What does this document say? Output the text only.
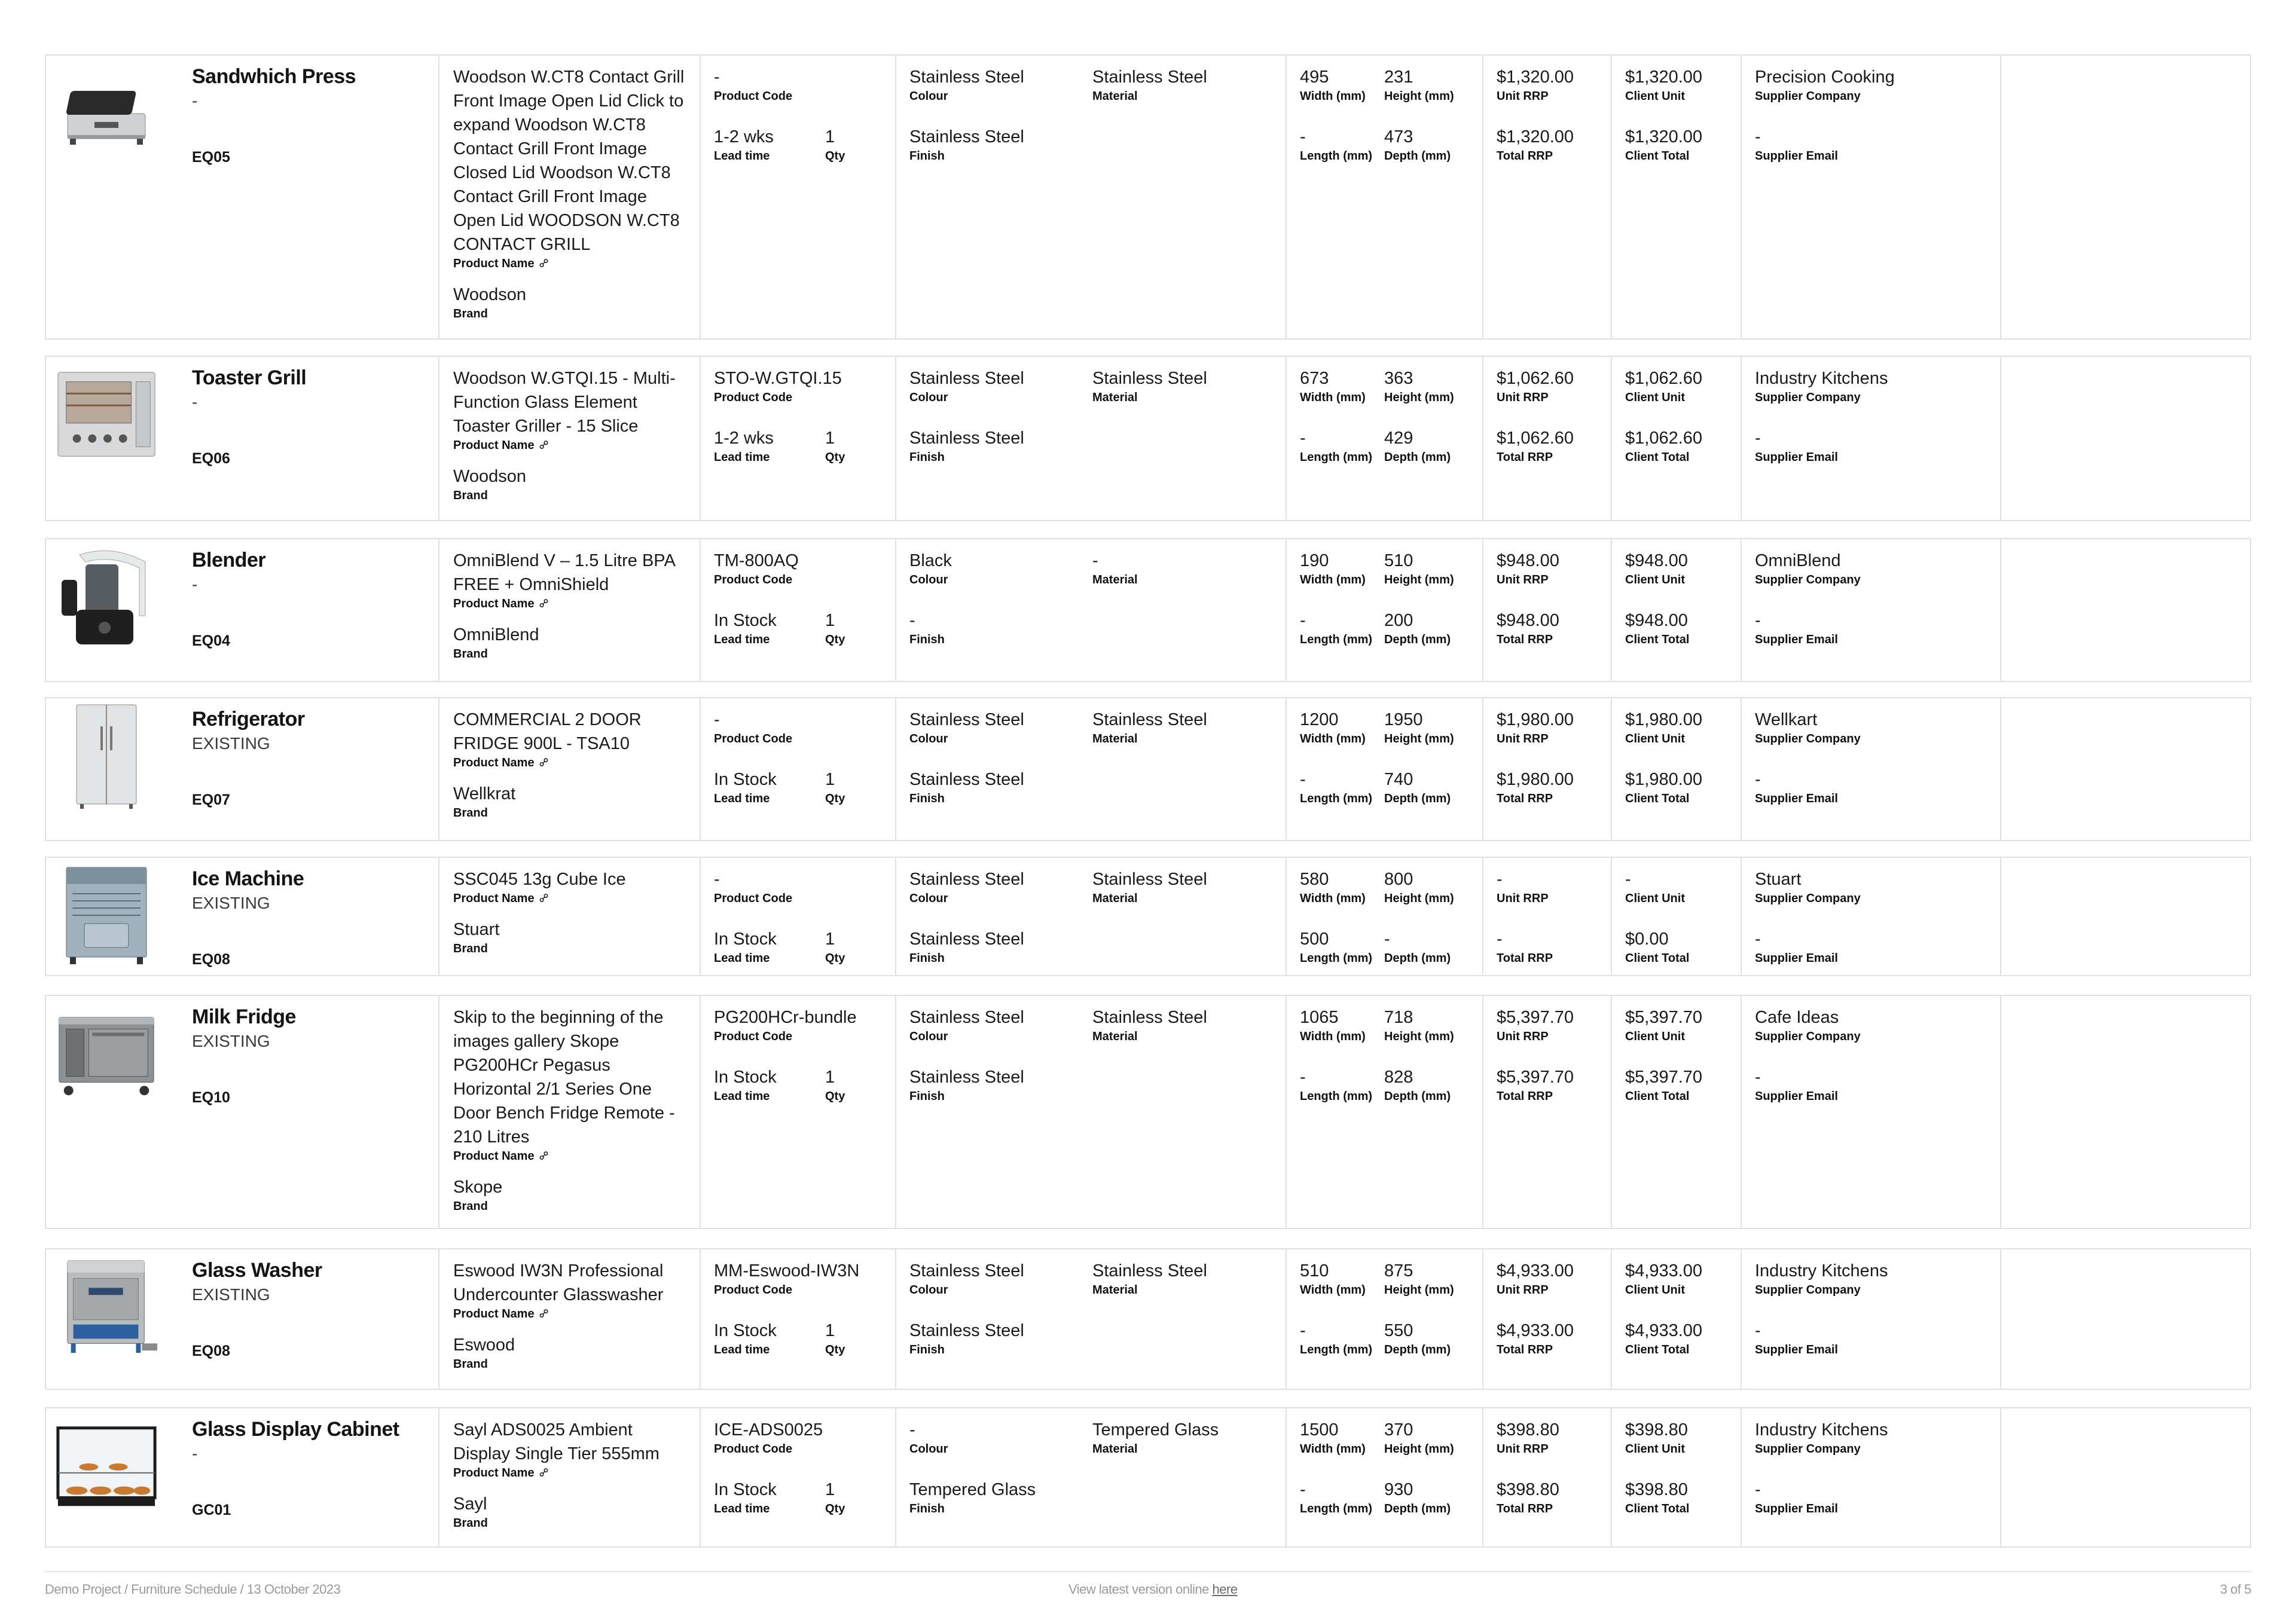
Sandwhich Press
-
EQ05
Woodson W.CT8 Contact Grill Front Image Open Lid Click to expand Woodson W.CT8 Contact Grill Front Image Closed Lid Woodson W.CT8 Contact Grill Front Image Open Lid WOODSON W.CT8 CONTACT GRILL
Product Name ⚯
Woodson
Brand
-
Product Code
1-2 wks
Lead time
1
Qty
Stainless Steel
Colour
Stainless Steel
Material
Stainless Steel
Finish
495
Width (mm)
231
Height (mm)
-
Length (mm)
473
Depth (mm)
$1,320.00
Unit RRP
$1,320.00
Total RRP
$1,320.00
Client Unit
$1,320.00
Client Total
Precision Cooking
Supplier Company
-
Supplier Email
Toaster Grill
-
EQ06
Woodson W.GTQI.15 - Multi-Function Glass Element Toaster Griller - 15 Slice
Product Name ⚯
Woodson
Brand
STO-W.GTQI.15
Product Code
1-2 wks
Lead time
1
Qty
Stainless Steel
Colour
Stainless Steel
Material
Stainless Steel
Finish
673
Width (mm)
363
Height (mm)
-
Length (mm)
429
Depth (mm)
$1,062.60
Unit RRP
$1,062.60
Total RRP
$1,062.60
Client Unit
$1,062.60
Client Total
Industry Kitchens
Supplier Company
-
Supplier Email
Blender
-
EQ04
OmniBlend V – 1.5 Litre BPA FREE + OmniShield
Product Name ⚯
OmniBlend
Brand
TM-800AQ
Product Code
In Stock
Lead time
1
Qty
Black
Colour
-
Material
-
Finish
190
Width (mm)
510
Height (mm)
-
Length (mm)
200
Depth (mm)
$948.00
Unit RRP
$948.00
Total RRP
$948.00
Client Unit
$948.00
Client Total
OmniBlend
Supplier Company
-
Supplier Email
Refrigerator
EXISTING
EQ07
COMMERCIAL 2 DOOR FRIDGE 900L - TSA10
Product Name ⚯
Wellkrat
Brand
-
Product Code
In Stock
Lead time
1
Qty
Stainless Steel
Colour
Stainless Steel
Material
Stainless Steel
Finish
1200
Width (mm)
1950
Height (mm)
-
Length (mm)
740
Depth (mm)
$1,980.00
Unit RRP
$1,980.00
Total RRP
$1,980.00
Client Unit
$1,980.00
Client Total
Wellkart
Supplier Company
-
Supplier Email
Ice Machine
EXISTING
EQ08
SSC045 13g Cube Ice
Product Name ⚯
Stuart
Brand
-
Product Code
In Stock
Lead time
1
Qty
Stainless Steel
Colour
Stainless Steel
Material
Stainless Steel
Finish
580
Width (mm)
800
Height (mm)
500
Length (mm)
-
Depth (mm)
-
Unit RRP
-
Total RRP
-
Client Unit
$0.00
Client Total
Stuart
Supplier Company
-
Supplier Email
Milk Fridge
EXISTING
EQ10
Skip to the beginning of the images gallery Skope PG200HCr Pegasus Horizontal 2/1 Series One Door Bench Fridge Remote - 210 Litres
Product Name ⚯
Skope
Brand
PG200HCr-bundle
Product Code
In Stock
Lead time
1
Qty
Stainless Steel
Colour
Stainless Steel
Material
Stainless Steel
Finish
1065
Width (mm)
718
Height (mm)
-
Length (mm)
828
Depth (mm)
$5,397.70
Unit RRP
$5,397.70
Total RRP
$5,397.70
Client Unit
$5,397.70
Client Total
Cafe Ideas
Supplier Company
-
Supplier Email
Glass Washer
EXISTING
EQ08
Eswood IW3N Professional Undercounter Glasswasher
Product Name ⚯
Eswood
Brand
MM-Eswood-IW3N
Product Code
In Stock
Lead time
1
Qty
Stainless Steel
Colour
Stainless Steel
Material
Stainless Steel
Finish
510
Width (mm)
875
Height (mm)
-
Length (mm)
550
Depth (mm)
$4,933.00
Unit RRP
$4,933.00
Total RRP
$4,933.00
Client Unit
$4,933.00
Client Total
Industry Kitchens
Supplier Company
-
Supplier Email
Glass Display Cabinet
-
GC01
Sayl ADS0025 Ambient Display Single Tier 555mm
Product Name ⚯
Sayl
Brand
ICE-ADS0025
Product Code
In Stock
Lead time
1
Qty
-
Colour
Tempered Glass
Material
Tempered Glass
Finish
1500
Width (mm)
370
Height (mm)
-
Length (mm)
930
Depth (mm)
$398.80
Unit RRP
$398.80
Total RRP
$398.80
Client Unit
$398.80
Client Total
Industry Kitchens
Supplier Company
-
Supplier Email
Demo Project / Furniture Schedule / 13 October 2023	View latest version online here	3 of 5
